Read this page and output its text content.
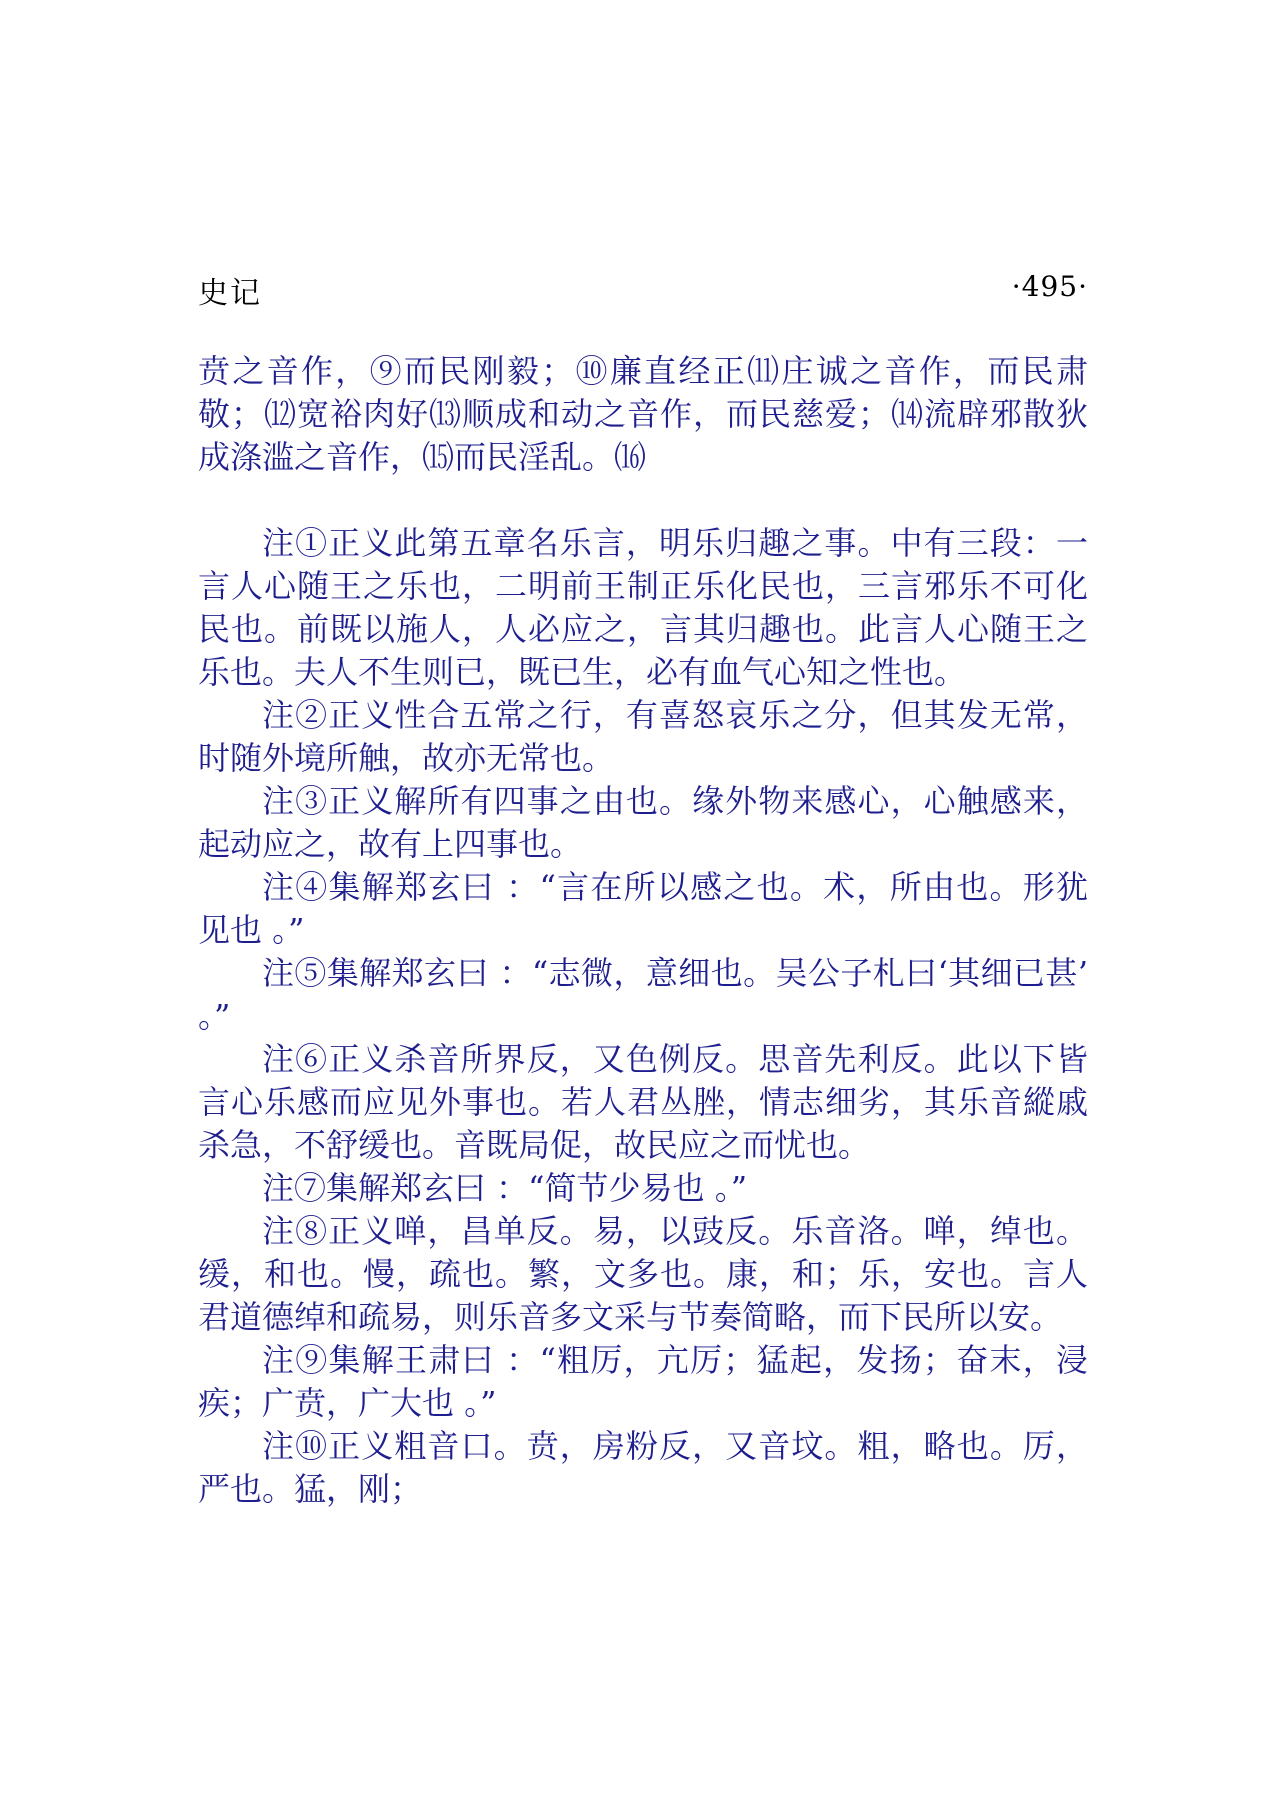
史记	·495·

贲之音作，⑨而民刚毅；⑩廉直经正⑾庄诚之音作，而民肃敬；⑿宽裕肉好⒀顺成和动之音作，而民慈爱；⒁流辟邪散狄成涤滥之音作，⒂而民淫乱。⒃

注①正义此第五章名乐言，明乐归趣之事。中有三段：一言人心随王之乐也，二明前王制正乐化民也，三言邪乐不可化民也。前既以施人，人必应之，言其归趣也。此言人心随王之乐也。夫人不生则已，既已生，必有血气心知之性也。

注②正义性合五常之行，有喜怒哀乐之分，但其发无常，时随外境所触，故亦无常也。

注③正义解所有四事之由也。缘外物来感心，心触感来，起动应之，故有上四事也。

注④集解郑玄曰 ：“言在所以感之也。术，所由也。形犹见也 。”

注⑤集解郑玄曰 ：“志微，意细也。吴公子札曰‘其细已甚’ 。”

注⑥正义杀音所界反，又色例反。思音先利反。此以下皆言心乐感而应见外事也。若人君丛脞，情志细劣，其乐音縱戚杀急，不舒缓也。音既局促，故民应之而忧也。

注⑦集解郑玄曰 ：“简节少易也 。”

注⑧正义啴，昌单反。易，以豉反。乐音洛。啴，绰也。缓，和也。慢，疏也。繁，文多也。康，和；乐，安也。言人君道德绰和疏易，则乐音多文采与节奏简略，而下民所以安。

注⑨集解王肃曰 ：“粗厉，亢厉；猛起，发扬；奋末，浸疾；广贲，广大也 。”

注⑩正义粗音口。贲，房粉反，又音坟。粗，略也。厉，严也。猛，刚；
